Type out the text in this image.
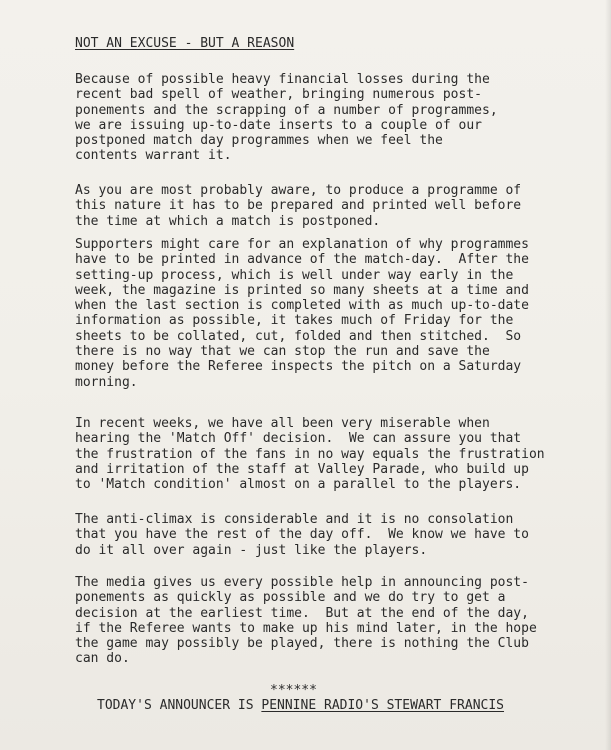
NOT AN EXCUSE - BUT A REASON

Because of possible heavy financial losses during the
recent bad spell of weather, bringing numerous post-
ponements and the scrapping of a number of programmes,
we are issuing up-to-date inserts to a couple of our
postponed match day programmes when we feel the
contents warrant it.

As you are most probably aware, to produce a programme of
this nature it has to be prepared and printed well before
the time at which a match is postponed.

Supporters might care for an explanation of why programmes
have to be printed in advance of the match-day.  After the
setting-up process, which is well under way early in the
week, the magazine is printed so many sheets at a time and
when the last section is completed with as much up-to-date
information as possible, it takes much of Friday for the
sheets to be collated, cut, folded and then stitched.  So
there is no way that we can stop the run and save the
money before the Referee inspects the pitch on a Saturday
morning.

In recent weeks, we have all been very miserable when
hearing the 'Match Off' decision.  We can assure you that
the frustration of the fans in no way equals the frustration
and irritation of the staff at Valley Parade, who build up
to 'Match condition' almost on a parallel to the players.

The anti-climax is considerable and it is no consolation
that you have the rest of the day off.  We know we have to
do it all over again - just like the players.

The media gives us every possible help in announcing post-
ponements as quickly as possible and we do try to get a
decision at the earliest time.  But at the end of the day,
if the Referee wants to make up his mind later, in the hope
the game may possibly be played, there is nothing the Club
can do.

******
TODAY'S ANNOUNCER IS PENNINE RADIO'S STEWART FRANCIS
